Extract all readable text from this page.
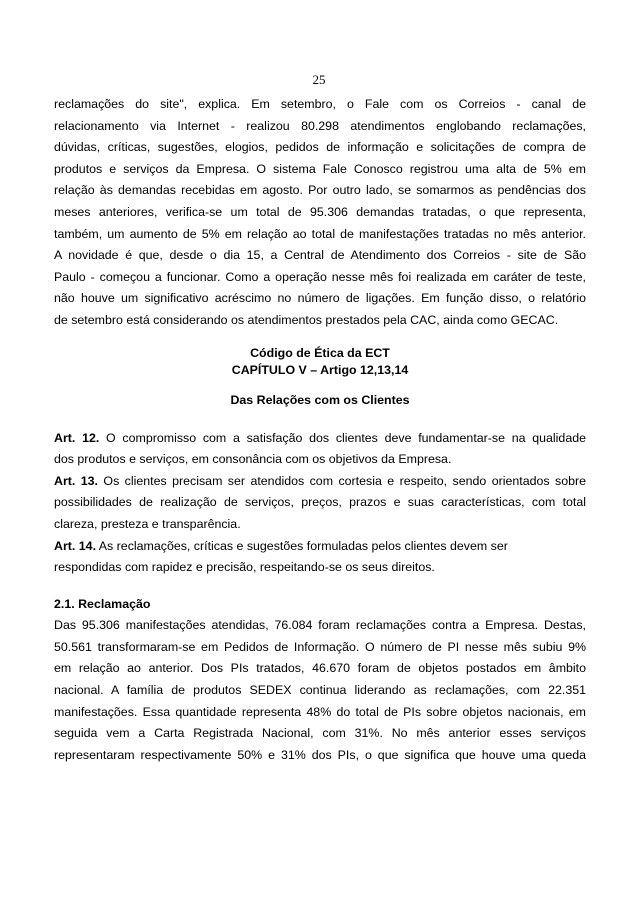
25
reclamações do site", explica. Em setembro, o Fale com os Correios - canal de
relacionamento via Internet - realizou 80.298 atendimentos englobando reclamações,
dúvidas, críticas, sugestões, elogios, pedidos de informação e solicitações de compra de
produtos e serviços da Empresa. O sistema Fale Conosco registrou uma alta de 5% em
relação às demandas recebidas em agosto. Por outro lado, se somarmos as pendências dos
meses anteriores, verifica-se um total de 95.306 demandas tratadas, o que representa,
também, um aumento de 5% em relação ao total de manifestações tratadas no mês anterior.
A novidade é que, desde o dia 15, a Central de Atendimento dos Correios - site de São
Paulo - começou a funcionar. Como a operação nesse mês foi realizada em caráter de teste,
não houve um significativo acréscimo no número de ligações. Em função disso, o relatório
de setembro está considerando os atendimentos prestados pela CAC, ainda como GECAC.
Código de Ética da ECT
CAPÍTULO V – Artigo 12,13,14
Das Relações com os Clientes
Art. 12. O compromisso com a satisfação dos clientes deve fundamentar-se na qualidade
dos produtos e serviços, em consonância com os objetivos da Empresa.
Art. 13. Os clientes precisam ser atendidos com cortesia e respeito, sendo orientados sobre
possibilidades de realização de serviços, preços, prazos e suas características, com total
clareza, presteza e transparência.
Art. 14. As reclamações, críticas e sugestões formuladas pelos clientes devem ser
respondidas com rapidez e precisão, respeitando-se os seus direitos.
2.1. Reclamação
Das 95.306 manifestações atendidas, 76.084 foram reclamações contra a Empresa. Destas,
50.561 transformaram-se em Pedidos de Informação. O número de PI nesse mês subiu 9%
em relação ao anterior. Dos PIs tratados, 46.670 foram de objetos postados em âmbito
nacional. A família de produtos SEDEX continua liderando as reclamações, com 22.351
manifestações. Essa quantidade representa 48% do total de PIs sobre objetos nacionais, em
seguida vem a Carta Registrada Nacional, com 31%. No mês anterior esses serviços
representaram respectivamente 50% e 31% dos PIs, o que significa que houve uma queda
